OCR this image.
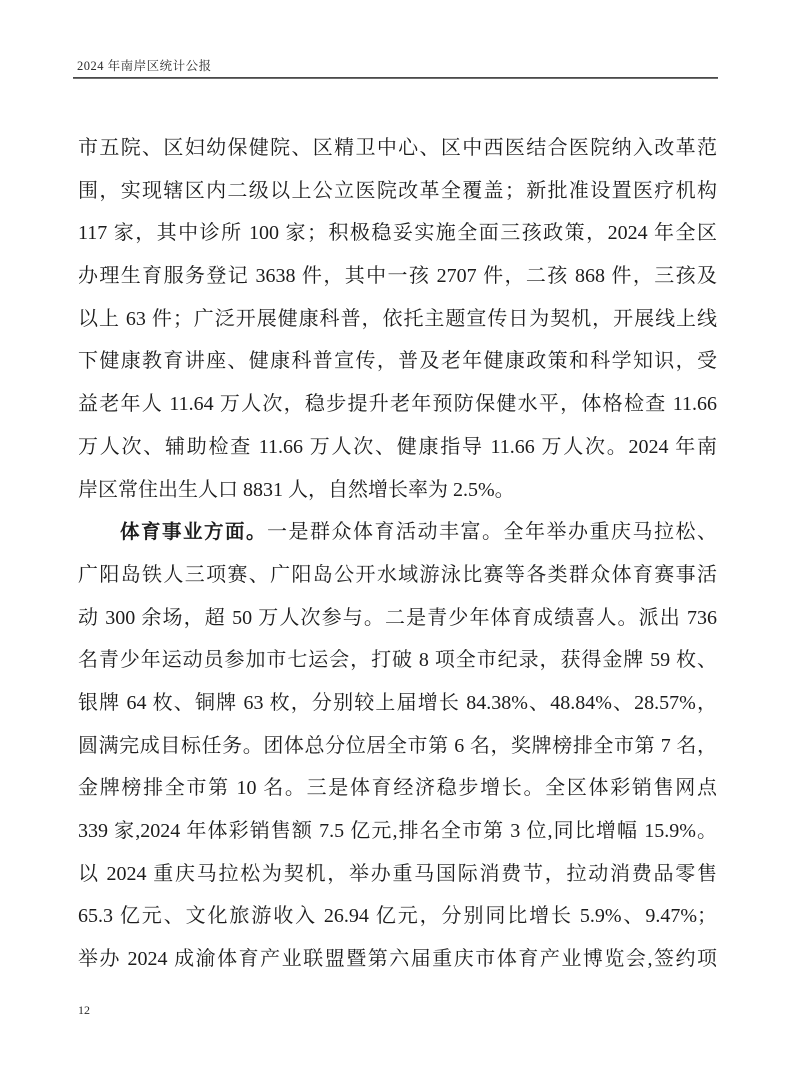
2024 年南岸区统计公报
市五院、区妇幼保健院、区精卫中心、区中西医结合医院纳入改革范
围，实现辖区内二级以上公立医院改革全覆盖；新批准设置医疗机构
117 家，其中诊所 100 家；积极稳妥实施全面三孩政策，2024 年全区
办理生育服务登记 3638 件，其中一孩 2707 件，二孩 868 件，三孩及
以上 63 件；广泛开展健康科普，依托主题宣传日为契机，开展线上线
下健康教育讲座、健康科普宣传，普及老年健康政策和科学知识，受
益老年人 11.64 万人次，稳步提升老年预防保健水平，体格检查 11.66
万人次、辅助检查 11.66 万人次、健康指导 11.66 万人次。2024 年南
岸区常住出生人口 8831 人，自然增长率为 2.5%。
体育事业方面。一是群众体育活动丰富。全年举办重庆马拉松、
广阳岛铁人三项赛、广阳岛公开水域游泳比赛等各类群众体育赛事活
动 300 余场，超 50 万人次参与。二是青少年体育成绩喜人。派出 736
名青少年运动员参加市七运会，打破 8 项全市纪录，获得金牌 59 枚、
银牌 64 枚、铜牌 63 枚，分别较上届增长 84.38%、48.84%、28.57%，
圆满完成目标任务。团体总分位居全市第 6 名，奖牌榜排全市第 7 名，
金牌榜排全市第 10 名。三是体育经济稳步增长。全区体彩销售网点
339 家,2024 年体彩销售额 7.5 亿元,排名全市第 3 位,同比增幅 15.9%。
以 2024 重庆马拉松为契机，举办重马国际消费节，拉动消费品零售
65.3 亿元、文化旅游收入 26.94 亿元，分别同比增长 5.9%、9.47%；
举办 2024 成渝体育产业联盟暨第六届重庆市体育产业博览会,签约项
12
